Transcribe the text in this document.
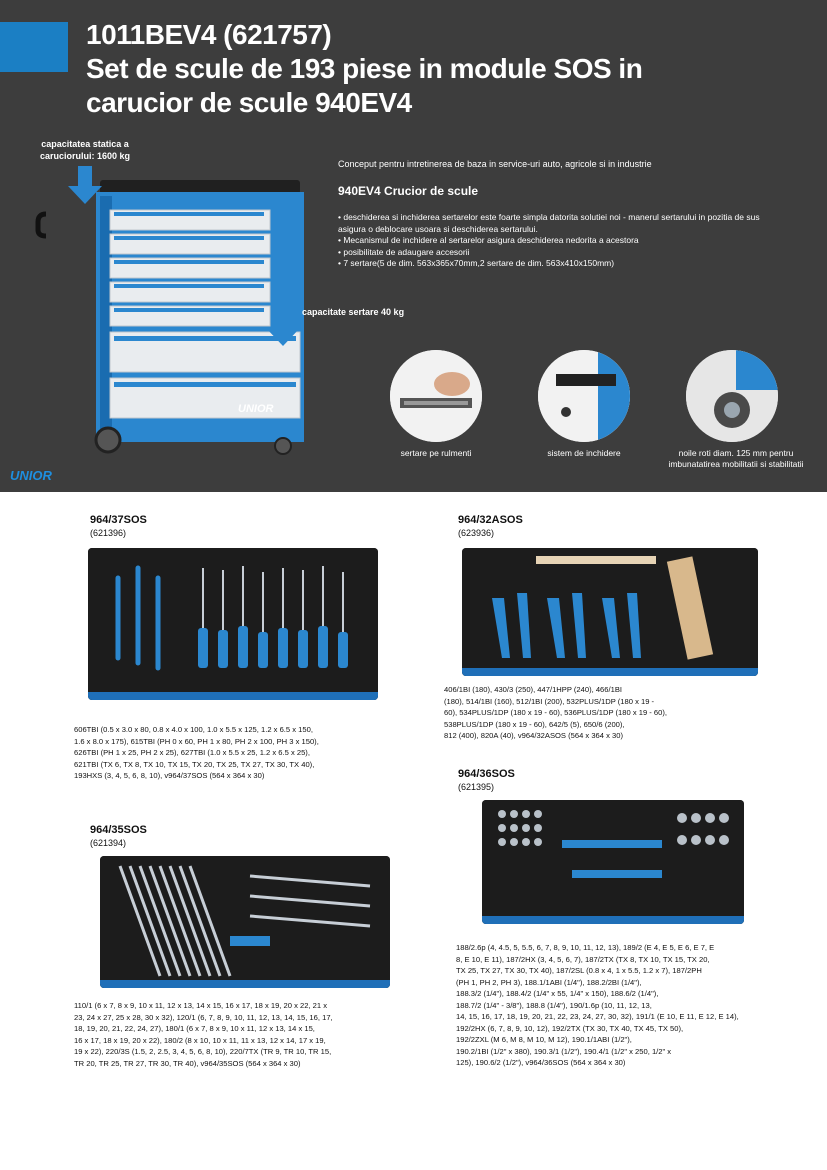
1011BEV4 (621757)
Set de scule de 193 piese in module SOS in
carucior de scule 940EV4
UNIOR
capacitatea statica a
caruciorului: 1600 kg
capacitate sertare 40 kg
Conceput pentru intretinerea de baza in service-uri auto, agricole si in industrie
940EV4 Crucior de scule
• deschiderea si inchiderea sertarelor este foarte simpla datorita solutiei noi - manerul sertarului in pozitia de sus
asigura o deblocare usoara si deschiderea sertarului.
• Mecanismul de inchidere al sertarelor asigura deschiderea nedorita a acestora
• posibilitate de adaugare accesorii
• 7 sertare(5 de dim. 563x365x70mm,2 sertare de dim. 563x410x150mm)
sertare pe rulmenti	sistem de inchidere	noile roti diam. 125 mm pentru
imbunatatirea mobilitatii si stabilitatii
UNIOR
964/37SOS
(621396)
606TBI (0.5 x 3.0 x 80, 0.8 x 4.0 x 100, 1.0 x 5.5 x 125, 1.2 x 6.5 x 150,
1.6 x 8.0 x 175), 615TBI (PH 0 x 60, PH 1 x 80, PH 2 x 100, PH 3 x 150),
626TBI (PH 1 x 25, PH 2 x 25), 627TBI (1.0 x 5.5 x 25, 1.2 x 6.5 x 25),
621TBI (TX 6, TX 8, TX 10, TX 15, TX 20, TX 25, TX 27, TX 30, TX 40),
193HXS (3, 4, 5, 6, 8, 10), v964/37SOS (564 x 364 x 30)
964/32ASOS
(623936)
406/1BI (180), 430/3 (250), 447/1HPP (240), 466/1BI
(180), 514/1BI (160), 512/1BI (200), 532PLUS/1DP (180 x 19 -
60), 534PLUS/1DP (180 x 19 - 60), 536PLUS/1DP (180 x 19 - 60),
538PLUS/1DP (180 x 19 - 60), 642/5 (5), 650/6 (200),
812 (400), 820A (40), v964/32ASOS (564 x 364 x 30)
964/36SOS
(621395)
188/2.6p (4, 4.5, 5, 5.5, 6, 7, 8, 9, 10, 11, 12, 13), 189/2 (E 4, E 5, E 6, E 7, E
8, E 10, E 11), 187/2HX (3, 4, 5, 6, 7), 187/2TX (TX 8, TX 10, TX 15, TX 20,
TX 25, TX 27, TX 30, TX 40), 187/2SL (0.8 x 4, 1 x 5.5, 1.2 x 7), 187/2PH
(PH 1, PH 2, PH 3), 188.1/1ABI (1/4"), 188.2/2BI (1/4"),
188.3/2 (1/4"), 188.4/2 (1/4" x 55, 1/4" x 150), 188.6/2 (1/4"),
188.7/2 (1/4" - 3/8"), 188.8 (1/4"), 190/1.6p (10, 11, 12, 13,
14, 15, 16, 17, 18, 19, 20, 21, 22, 23, 24, 27, 30, 32), 191/1 (E 10, E 11, E 12, E 14),
192/2HX (6, 7, 8, 9, 10, 12), 192/2TX (TX 30, TX 40, TX 45, TX 50),
192/2ZXL (M 6, M 8, M 10, M 12), 190.1/1ABI (1/2"),
190.2/1BI (1/2" x 380), 190.3/1 (1/2"), 190.4/1 (1/2" x 250, 1/2" x
125), 190.6/2 (1/2"), v964/36SOS (564 x 364 x 30)
964/35SOS
(621394)
110/1 (6 x 7, 8 x 9, 10 x 11, 12 x 13, 14 x 15, 16 x 17, 18 x 19, 20 x 22, 21 x
23, 24 x 27, 25 x 28, 30 x 32), 120/1 (6, 7, 8, 9, 10, 11, 12, 13, 14, 15, 16, 17,
18, 19, 20, 21, 22, 24, 27), 180/1 (6 x 7, 8 x 9, 10 x 11, 12 x 13, 14 x 15,
16 x 17, 18 x 19, 20 x 22), 180/2 (8 x 10, 10 x 11, 11 x 13, 12 x 14, 17 x 19,
19 x 22), 220/3S (1.5, 2, 2.5, 3, 4, 5, 6, 8, 10), 220/7TX (TR 9, TR 10, TR 15,
TR 20, TR 25, TR 27, TR 30, TR 40), v964/35SOS (564 x 364 x 30)
